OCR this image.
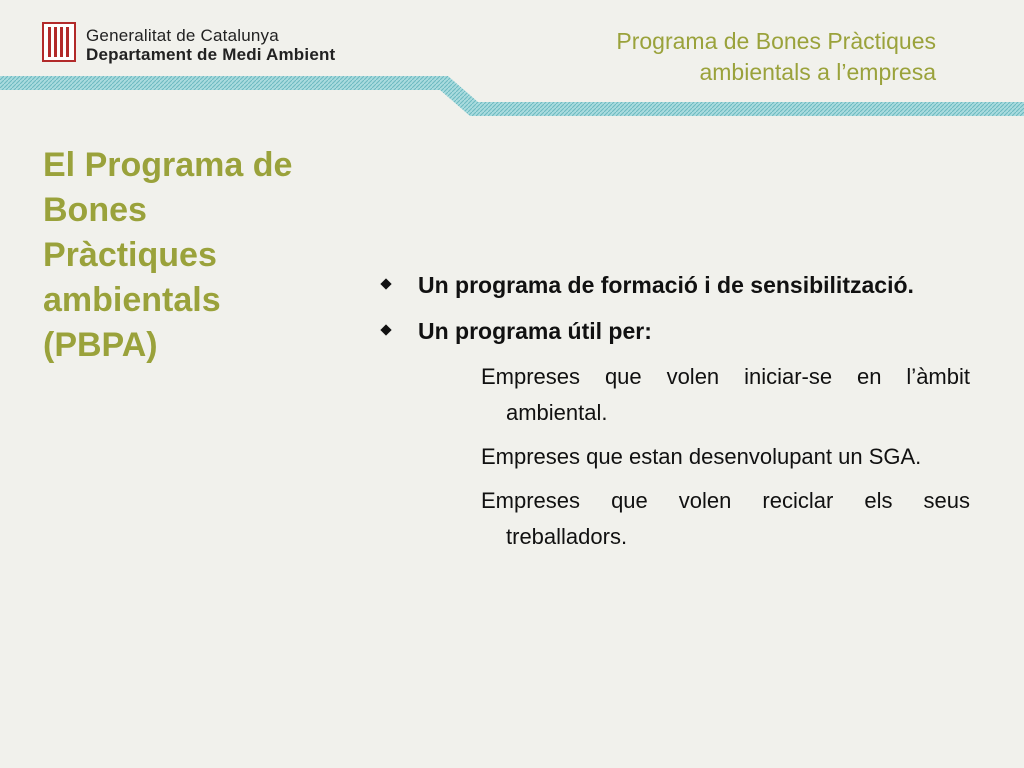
Generalitat de Catalunya
Departament de Medi Ambient
Programa de Bones Pràctiques
ambientals a l’empresa
El Programa de
Bones
Pràctiques
ambientals
(PBPA)
Un programa de formació i de sensibilització.
Un programa útil per:
Empreses que volen iniciar-se en l’àmbit ambiental.
Empreses que estan desenvolupant un SGA.
Empreses que volen reciclar els seus treballadors.
